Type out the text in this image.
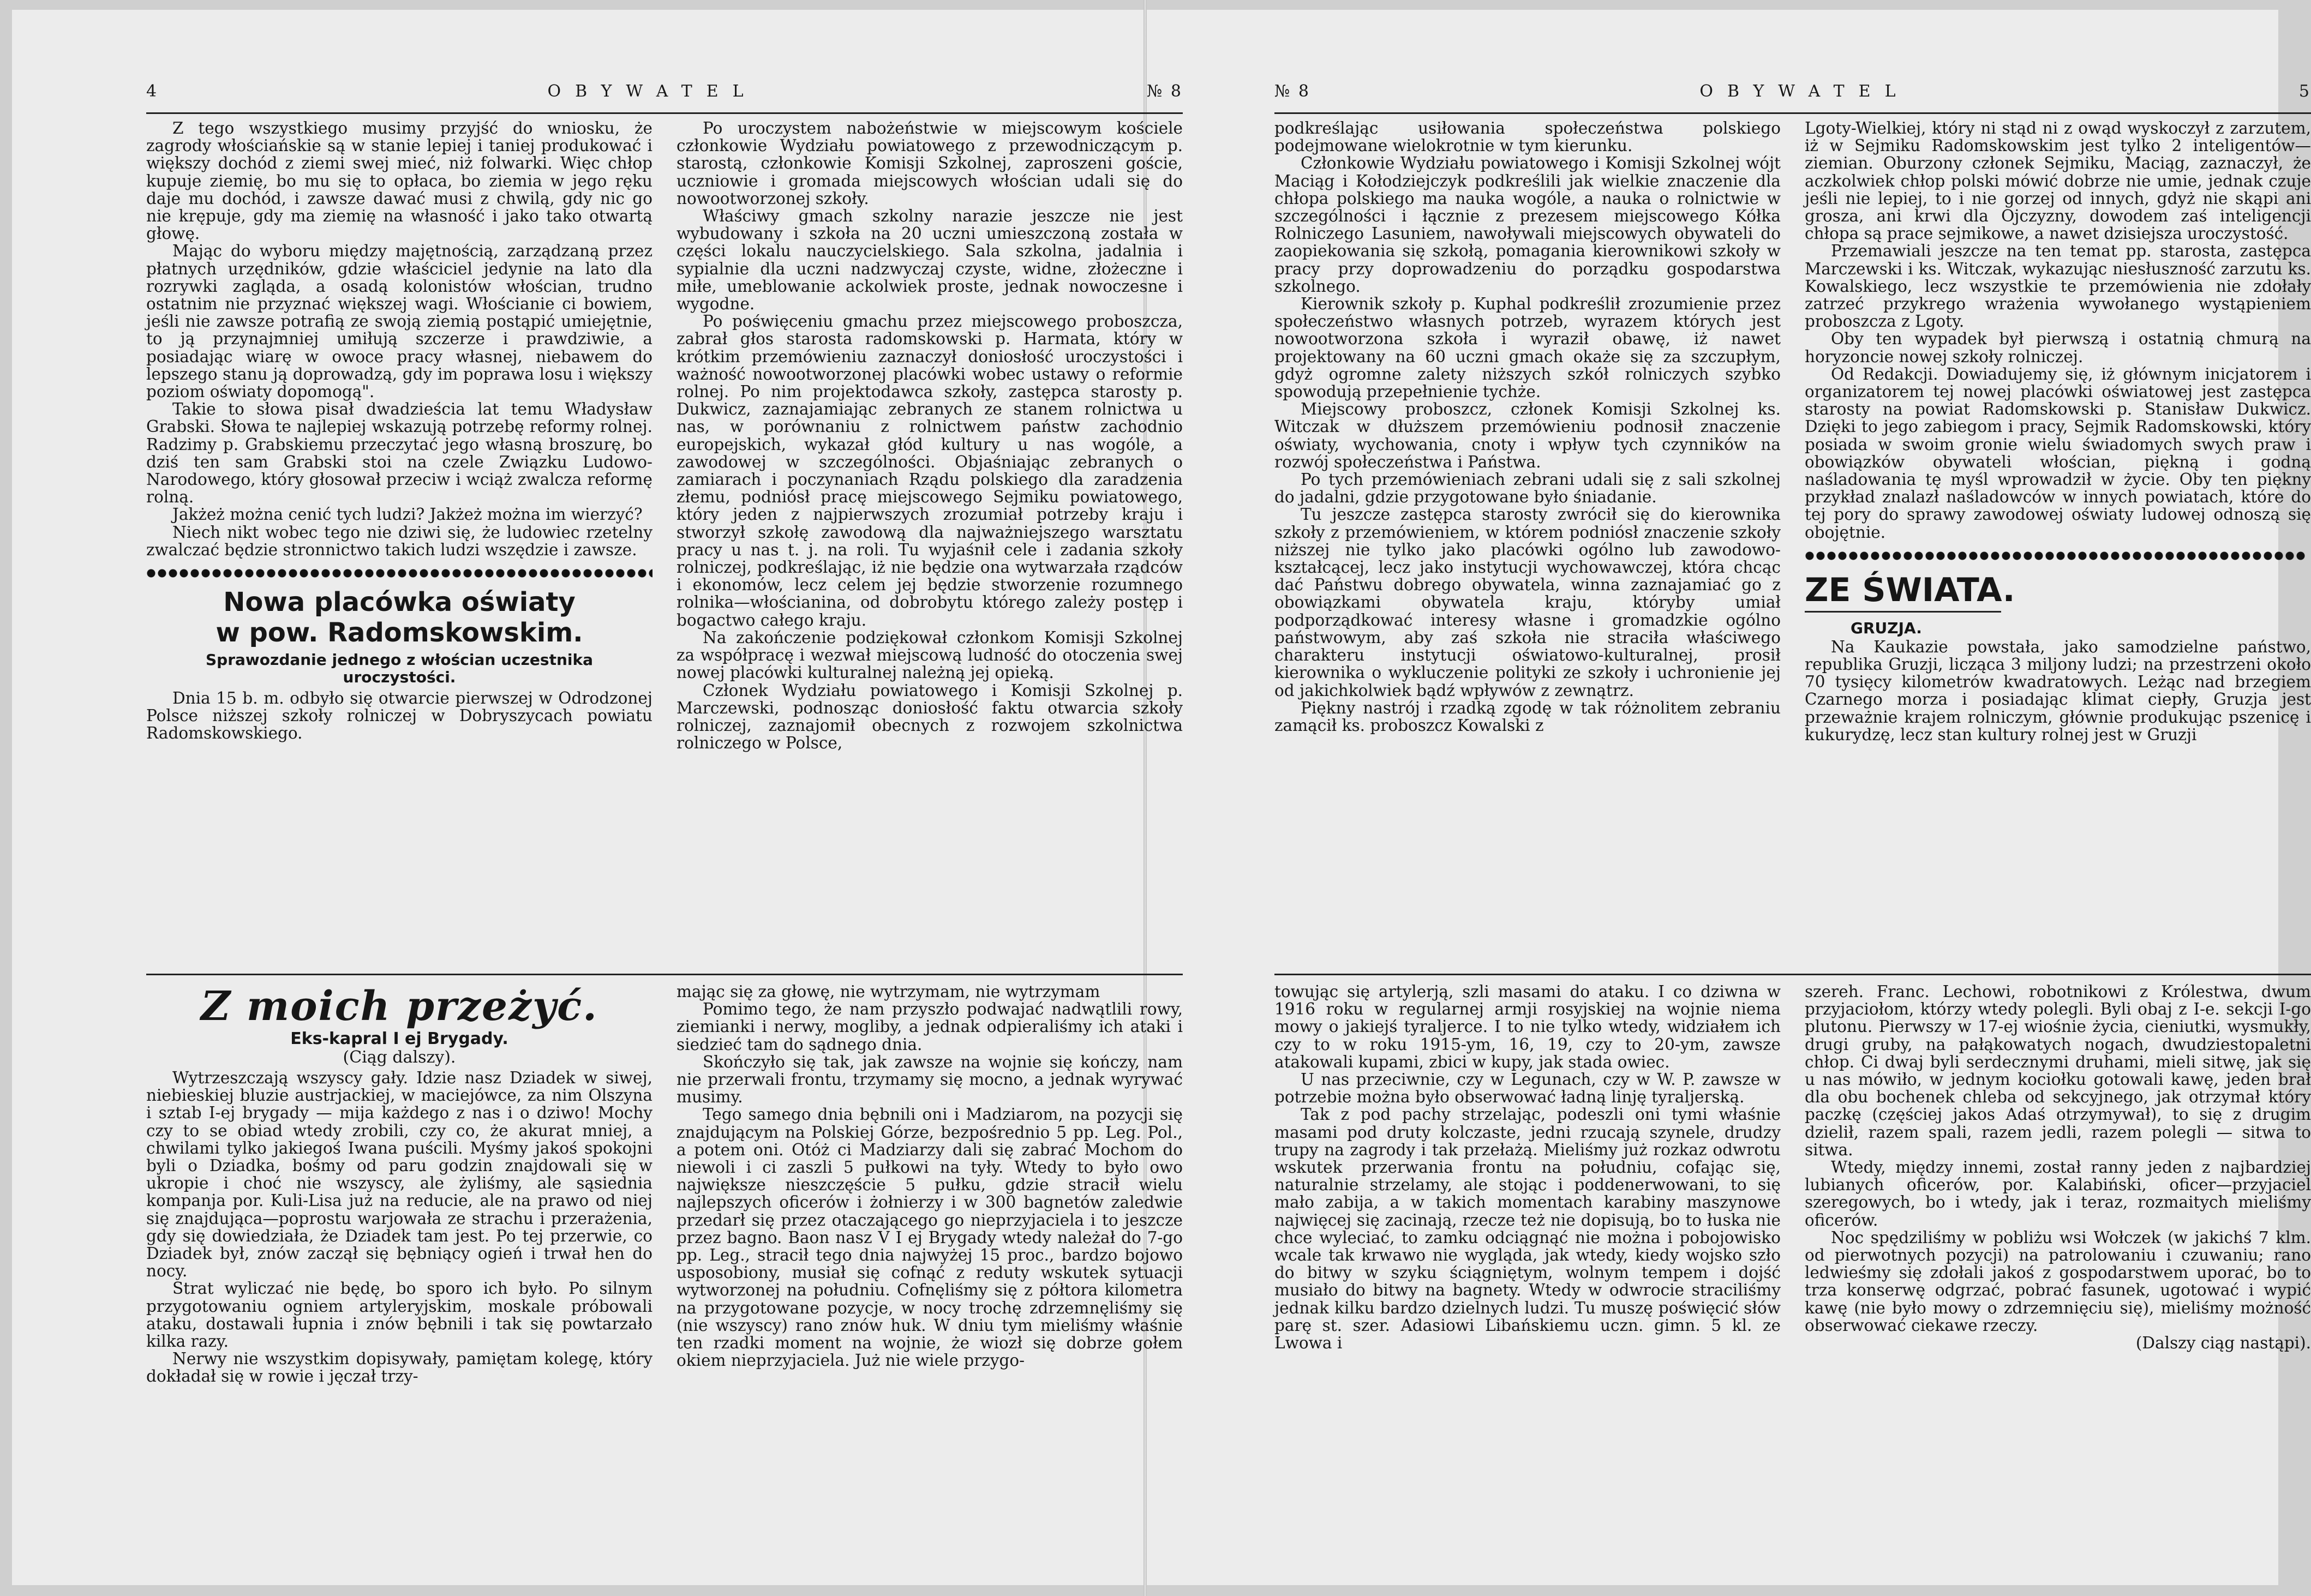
4	OBYWATEL	№ 8

Z tego wszystkiego musimy przyjść do wniosku, że zagrody włościańskie są w stanie lepiej i taniej produkować i większy dochód z ziemi swej mieć, niż folwarki. Więc chłop kupuje ziemię, bo mu się to opłaca, bo ziemia w jego ręku daje mu dochód, i zawsze dawać musi z chwilą, gdy nic go nie krępuje, gdy ma ziemię na własność i jako tako otwartą głowę.

Mając do wyboru między majętnością, zarządzaną przez płatnych urzędników, gdzie właściciel jedynie na lato dla rozrywki zagląda, a osadą kolonistów włościan, trudno ostatnim nie przyznać większej wagi. Włościanie ci bowiem, jeśli nie zawsze potrafią ze swoją ziemią postąpić umiejętnie, to ją przynajmniej umiłują szczerze i prawdziwie, a posiadając wiarę w owoce pracy własnej, niebawem do lepszego stanu ją doprowadzą, gdy im poprawa losu i większy poziom oświaty dopomogą".

Takie to słowa pisał dwadzieścia lat temu Władysław Grabski. Słowa te najlepiej wskazują potrzebę reformy rolnej. Radzimy p. Grabskiemu przeczytać jego własną broszurę, bo dziś ten sam Grabski stoi na czele Związku Ludowo-Narodowego, który głosował przeciw i wciąż zwalcza reformę rolną.

Jakżeż można cenić tych ludzi? Jakżeż można im wierzyć?

Niech nikt wobec tego nie dziwi się, że ludowiec rzetelny zwalczać będzie stronnictwo takich ludzi wszędzie i zawsze.

Nowa placówka oświaty
w pow. Radomskowskim.
Sprawozdanie jednego z włościan uczestnika uroczystości.

Dnia 15 b. m. odbyło się otwarcie pierwszej w Odrodzonej Polsce niższej szkoły rolniczej w Dobryszycach powiatu Radomskowskiego.

Po uroczystem nabożeństwie w miejscowym kościele członkowie Wydziału powiatowego z przewodniczącym p. starostą, członkowie Komisji Szkolnej, zaproszeni goście, uczniowie i gromada miejscowych włościan udali się do nowootworzonej szkoły.

Właściwy gmach szkolny narazie jeszcze nie jest wybudowany i szkoła na 20 uczni umieszczoną została w części lokalu nauczycielskiego. Sala szkolna, jadalnia i sypialnie dla uczni nadzwyczaj czyste, widne, złożeczne i miłe, umeblowanie ackolwiek proste, jednak nowoczesne i wygodne.

Po poświęceniu gmachu przez miejscowego proboszcza, zabrał głos starosta radomskowski p. Harmata, który w krótkim przemówieniu zaznaczył doniosłość uroczystości i ważność nowootworzonej placówki wobec ustawy o reformie rolnej. Po nim projektodawca szkoły, zastępca starosty p. Dukwicz, zaznajamiając zebranych ze stanem rolnictwa u nas, w porównaniu z rolnictwem państw zachodnio europejskich, wykazał głód kultury u nas wogóle, a zawodowej w szczególności. Objaśniając zebranych o zamiarach i poczynaniach Rządu polskiego dla zaradzenia złemu, podniósł pracę miejscowego Sejmiku powiatowego, który jeden z najpierwszych zrozumiał potrzeby kraju i stworzył szkołę zawodową dla najważniejszego warsztatu pracy u nas t. j. na roli. Tu wyjaśnił cele i zadania szkoły rolniczej, podkreślając, iż nie będzie ona wytwarzała rządców i ekonomów, lecz celem jej będzie stworzenie rozumnego rolnika—włościanina, od dobrobytu którego zależy postęp i bogactwo całego kraju.

Na zakończenie podziękował członkom Komisji Szkolnej za współpracę i wezwał miejscową ludność do otoczenia swej nowej placówki kulturalnej należną jej opieką.

Członek Wydziału powiatowego i Komisji Szkolnej p. Marczewski, podnosząc doniosłość faktu otwarcia szkoły rolniczej, zaznajomił obecnych z rozwojem szkolnictwa rolniczego w Polsce,

Z moich przeżyć.
Eks-kapral I ej Brygady.
(Ciąg dalszy).

Wytrzeszczają wszyscy gały. Idzie nasz Dziadek w siwej, niebieskiej bluzie austrjackiej, w maciejówce, za nim Olszyna i sztab I-ej brygady — mija każdego z nas i o dziwo! Mochy czy to se obiad wtedy zrobili, czy co, że akurat mniej, a chwilami tylko jakiegoś Iwana puścili. Myśmy jakoś spokojni byli o Dziadka, bośmy od paru godzin znajdowali się w ukropie i choć nie wszyscy, ale żyliśmy, ale sąsiednia kompanja por. Kuli-Lisa już na reducie, ale na prawo od niej się znajdująca—poprostu warjowała ze strachu i przerażenia, gdy się dowiedziała, że Dziadek tam jest. Po tej przerwie, co Dziadek był, znów zaczął się bębniący ogień i trwał hen do nocy.

Strat wyliczać nie będę, bo sporo ich było. Po silnym przygotowaniu ogniem artyleryjskim, moskale próbowali ataku, dostawali łupnia i znów bębnili i tak się powtarzało kilka razy.

Nerwy nie wszystkim dopisywały, pamiętam kolegę, który dokładał się w rowie i jęczał trzy-

mając się za głowę, nie wytrzymam, nie wytrzymam

Pomimo tego, że nam przyszło podwajać nadwątlili rowy, ziemianki i nerwy, mogliby, a jednak odpieraliśmy ich ataki i siedzieć tam do sądnego dnia.

Skończyło się tak, jak zawsze na wojnie się kończy, nam nie przerwali frontu, trzymamy się mocno, a jednak wyrywać musimy.

Tego samego dnia bębnili oni i Madziarom, na pozycji się znajdującym na Polskiej Górze, bezpośrednio 5 pp. Leg. Pol., a potem oni. Otóż ci Madziarzy dali się zabrać Mochom do niewoli i ci zaszli 5 pułkowi na tyły. Wtedy to było owo największe nieszczęście 5 pułku, gdzie stracił wielu najlepszych oficerów i żołnierzy i w 300 bagnetów zaledwie przedarł się przez otaczającego go nieprzyjaciela i to jeszcze przez bagno. Baon nasz V I ej Brygady wtedy należał do 7-go pp. Leg., stracił tego dnia najwyżej 15 proc., bardzo bojowo usposobiony, musiał się cofnąć z reduty wskutek sytuacji wytworzonej na południu. Cofnęliśmy się z półtora kilometra na przygotowane pozycje, w nocy trochę zdrzemnęliśmy się (nie wszyscy) rano znów huk. W dniu tym mieliśmy właśnie ten rzadki moment na wojnie, że wiozł się dobrze gołem okiem nieprzyjaciela. Już nie wiele przygo-

№ 8	OBYWATEL	5

podkreślając usiłowania społeczeństwa polskiego podejmowane wielokrotnie w tym kierunku.

Członkowie Wydziału powiatowego i Komisji Szkolnej wójt Maciąg i Kołodziejczyk podkreślili jak wielkie znaczenie dla chłopa polskiego ma nauka wogóle, a nauka o rolnictwie w szczególności i łącznie z prezesem miejscowego Kółka Rolniczego Lasuniem, nawoływali miejscowych obywateli do zaopiekowania się szkołą, pomagania kierownikowi szkoły w pracy przy doprowadzeniu do porządku gospodarstwa szkolnego.

Kierownik szkoły p. Kuphal podkreślił zrozumienie przez społeczeństwo własnych potrzeb, wyrazem których jest nowootworzona szkoła i wyraził obawę, iż nawet projektowany na 60 uczni gmach okaże się za szczupłym, gdyż ogromne zalety niższych szkół rolniczych szybko spowodują przepełnienie tychże.

Miejscowy proboszcz, członek Komisji Szkolnej ks. Witczak w dłuższem przemówieniu podnosił znaczenie oświaty, wychowania, cnoty i wpływ tych czynników na rozwój społeczeństwa i Państwa.

Po tych przemówieniach zebrani udali się z sali szkolnej do jadalni, gdzie przygotowane było śniadanie.

Tu jeszcze zastępca starosty zwrócił się do kierownika szkoły z przemówieniem, w którem podniósł znaczenie szkoły niższej nie tylko jako placówki ogólno lub zawodowo-kształcącej, lecz jako instytucji wychowawczej, która chcąc dać Państwu dobrego obywatela, winna zaznajamiać go z obowiązkami obywatela kraju, któryby umiał podporządkować interesy własne i gromadzkie ogólno państwowym, aby zaś szkoła nie straciła właściwego charakteru instytucji oświatowo-kulturalnej, prosił kierownika o wykluczenie polityki ze szkoły i uchronienie jej od jakichkolwiek bądź wpływów z zewnątrz.

Piękny nastrój i rzadką zgodę w tak różnolitem zebraniu zamącił ks. proboszcz Kowalski z

Lgoty-Wielkiej, który ni stąd ni z owąd wyskoczył z zarzutem, iż w Sejmiku Radomskowskim jest tylko 2 inteligentów—ziemian. Oburzony członek Sejmiku, Maciąg, zaznaczył, że aczkolwiek chłop polski mówić dobrze nie umie, jednak czuje jeśli nie lepiej, to i nie gorzej od innych, gdyż nie skąpi ani grosza, ani krwi dla Ojczyzny, dowodem zaś inteligencji chłopa są prace sejmikowe, a nawet dzisiejsza uroczystość.

Przemawiali jeszcze na ten temat pp. starosta, zastępca Marczewski i ks. Witczak, wykazując niesłuszność zarzutu ks. Kowalskiego, lecz wszystkie te przemówienia nie zdołały zatrzeć przykrego wrażenia wywołanego wystąpieniem proboszcza z Lgoty.

Oby ten wypadek był pierwszą i ostatnią chmurą na horyzoncie nowej szkoły rolniczej.

Od Redakcji. Dowiadujemy się, iż głównym inicjatorem i organizatorem tej nowej placówki oświatowej jest zastępca starosty na powiat Radomskowski p. Stanisław Dukwicz. Dzięki to jego zabiegom i pracy, Sejmik Radomskowski, który posiada w swoim gronie wielu świadomych swych praw i obowiązków obywateli włościan, piękną i godną naśladowania tę myśl wprowadził w życie. Oby ten piękny przykład znalazł naśladowców w innych powiatach, które do tej pory do sprawy zawodowej oświaty ludowej odnoszą się obojętnie.

ZE ŚWIATA.
GRUZJA.

Na Kaukazie powstała, jako samodzielne państwo, republika Gruzji, licząca 3 miljony ludzi; na przestrzeni około 70 tysięcy kilometrów kwadratowych. Leżąc nad brzegiem Czarnego morza i posiadając klimat ciepły, Gruzja jest przeważnie krajem rolniczym, głównie produkując pszenicę i kukurydzę, lecz stan kultury rolnej jest w Gruzji

towując się artylerją, szli masami do ataku. I co dziwna w 1916 roku w regularnej armji rosyjskiej na wojnie niema mowy o jakiejś tyraljerce. I to nie tylko wtedy, widziałem ich czy to w roku 1915-ym, 16, 19, czy to 20-ym, zawsze atakowali kupami, zbici w kupy, jak stada owiec.

U nas przeciwnie, czy w Legunach, czy w W. P. zawsze w potrzebie można było obserwować ładną linję tyraljerską.

Tak z pod pachy strzelając, podeszli oni tymi właśnie masami pod druty kolczaste, jedni rzucają szynele, drudzy trupy na zagrody i tak przełażą. Mieliśmy już rozkaz odwrotu wskutek przerwania frontu na południu, cofając się, naturalnie strzelamy, ale stojąc i poddenerwowani, to się mało zabija, a w takich momentach karabiny maszynowe najwięcej się zacinają, rzecze też nie dopisują, bo to łuska nie chce wyleciać, to zamku odciągnąć nie można i pobojowisko wcale tak krwawo nie wygląda, jak wtedy, kiedy wojsko szło do bitwy w szyku ściągniętym, wolnym tempem i dojść musiało do bitwy na bagnety. Wtedy w odwrocie straciliśmy jednak kilku bardzo dzielnych ludzi. Tu muszę poświęcić słów parę st. szer. Adasiowi Libańskiemu uczn. gimn. 5 kl. ze Lwowa i

szereh. Franc. Lechowi, robotnikowi z Królestwa, dwum przyjaciołom, którzy wtedy polegli. Byli obaj z I-e. sekcji I-go plutonu. Pierwszy w 17-ej wiośnie życia, cieniutki, wysmukły, drugi gruby, na pałąkowatych nogach, dwudziestopaletni chłop. Ci dwaj byli serdecznymi druhami, mieli sitwę, jak się u nas mówiło, w jednym kociołku gotowali kawę, jeden brał dla obu bochenek chleba od sekcyjnego, jak otrzymał który paczkę (częściej jakos Adaś otrzymywał), to się z drugim dzielił, razem spali, razem jedli, razem polegli — sitwa to sitwa.

Wtedy, między innemi, został ranny jeden z najbardziej lubianych oficerów, por. Kalabiński, oficer—przyjaciel szeregowych, bo i wtedy, jak i teraz, rozmaitych mieliśmy oficerów.

Noc spędziliśmy w pobliżu wsi Wołczek (w jakichś 7 klm. od pierwotnych pozycji) na patrolowaniu i czuwaniu; rano ledwieśmy się zdołali jakoś z gospodarstwem uporać, bo to trza konserwę odgrzać, pobrać fasunek, ugotować i wypić kawę (nie było mowy o zdrzemnięciu się), mieliśmy możność obserwować ciekawe rzeczy.

(Dalszy ciąg nastąpi).
